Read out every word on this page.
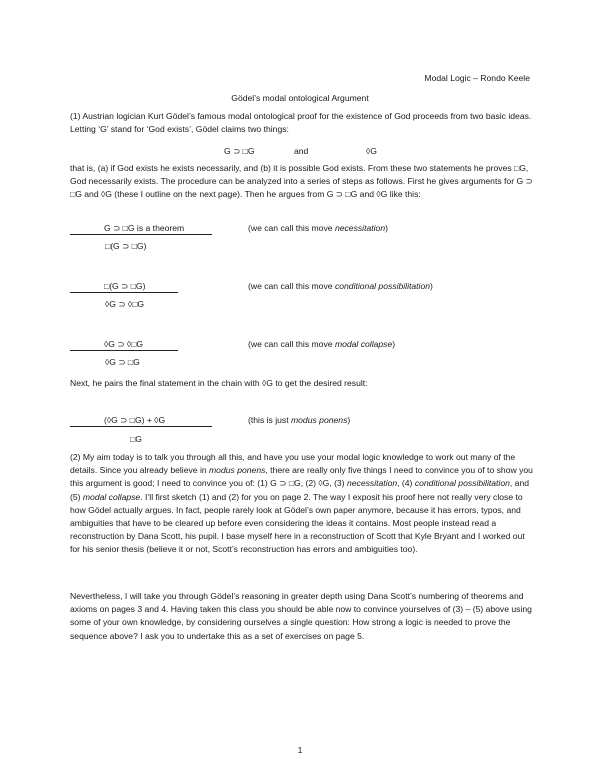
Modal Logic – Rondo Keele
Gödel’s modal ontological Argument
(1) Austrian logician Kurt Gödel’s famous modal ontological proof for the existence of God proceeds from two basic ideas. Letting ‘G’ stand for ‘God exists’, Gödel claims two things:
G ⊃ □G	and	◊G
that is, (a) if God exists he exists necessarily, and (b) it is possible God exists. From these two statements he proves □G, God necessarily exists. The procedure can be analyzed into a series of steps as follows. First he gives arguments for G ⊃ □G and ◊G (these I outline on the next page). Then he argues from G ⊃ □G and ◊G like this:
G ⊃ □G is a theorem	(we can call this move necessitation)
□(G ⊃ □G)
□(G ⊃ □G)	(we can call this move conditional possibilitation)
◊G ⊃ ◊□G
◊G ⊃ ◊□G	(we can call this move modal collapse)
◊G ⊃ □G
Next, he pairs the final statement in the chain with ◊G to get the desired result:
(◊G ⊃ □G) + ◊G	(this is just modus ponens)
□G
(2) My aim today is to talk you through all this, and have you use your modal logic knowledge to work out many of the details. Since you already believe in modus ponens, there are really only five things I need to convince you of to show you this argument is good; I need to convince you of: (1) G ⊃ □G, (2) ◊G, (3) necessitation, (4) conditional possibilitation, and (5) modal collapse. I’ll first sketch (1) and (2) for you on page 2. The way I exposit his proof here not really very close to how Gödel actually argues. In fact, people rarely look at Gödel’s own paper anymore, because it has errors, typos, and ambiguities that have to be cleared up before even considering the ideas it contains. Most people instead read a reconstruction by Dana Scott, his pupil. I base myself here in a reconstruction of Scott that Kyle Bryant and I worked out for his senior thesis (believe it or not, Scott’s reconstruction has errors and ambiguities too).
Nevertheless, I will take you through Gödel’s reasoning in greater depth using Dana Scott’s numbering of theorems and axioms on pages 3 and 4. Having taken this class you should be able now to convince yourselves of (3) – (5) above using some of your own knowledge, by considering ourselves a single question: How strong a logic is needed to prove the sequence above? I ask you to undertake this as a set of exercises on page 5.
1
